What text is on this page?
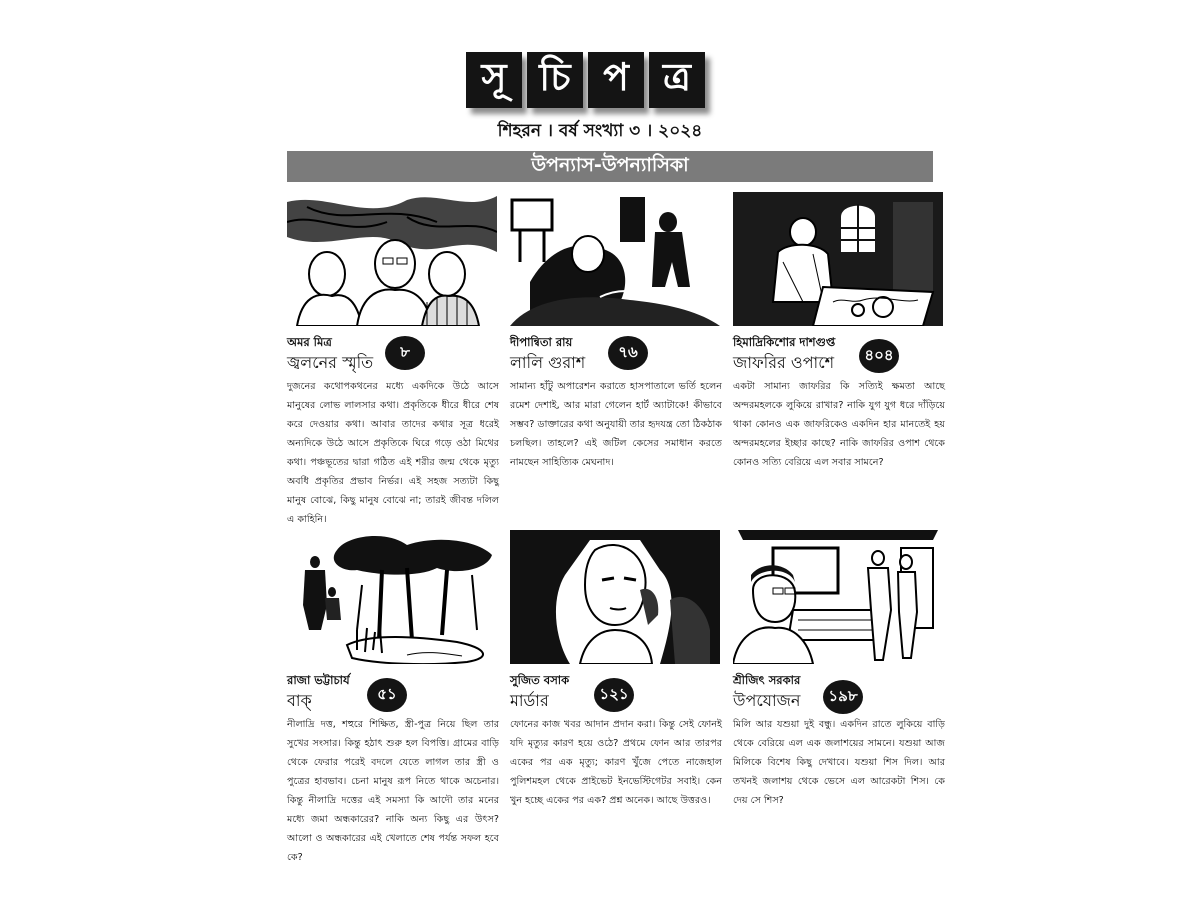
সূ চি প ত্র
শিহরন । বর্ষ সংখ্যা ৩ । ২০২৪
উপন্যাস-উপন্যাসিকা
অমর মিত্র
জ্বলনের স্মৃতি
৮
দুজনের কথোপকথনের মধ্যে একদিকে উঠে আসে মানুষের লোভ লালসার কথা। প্রকৃতিকে ধীরে ধীরে শেষ করে দেওয়ার কথা। আবার তাদের কথার সূত্র ধরেই অন্যদিকে উঠে আসে প্রকৃতিকে ঘিরে গড়ে ওঠা মিথের কথা। পঞ্চভূতের দ্বারা গঠিত এই শরীর জন্ম থেকে মৃত্যু অবধি প্রকৃতির প্রভাব নির্ভর। এই সহজ সত্যটা কিছু মানুষ বোঝে, কিছু মানুষ বোঝে না; তারই জীবন্ত দলিল এ কাহিনি।
দীপান্বিতা রায়
লালি গুরাশ
৭৬
সামান্য হাঁটু অপারেশন করাতে হাসপাতালে ভর্তি হলেন রমেশ দেশাই, আর মারা গেলেন হার্ট অ্যাটাকে! কীভাবে সম্ভব? ডাক্তারের কথা অনুযায়ী তার হৃদযন্ত্র তো ঠিকঠাক চলছিল। তাহলে? এই জটিল কেসের সমাধান করতে নামছেন সাহিত্যিক মেঘনাদ।
হিমাদ্রিকিশোর দাশগুপ্ত
জাফরির ওপাশে	৪০৪
একটা সামান্য জাফরির কি সত্যিই ক্ষমতা আছে অন্দরমহলকে লুকিয়ে রাখার? নাকি যুগ যুগ ধরে দাঁড়িয়ে থাকা কোনও এক জাফরিকেও একদিন হার মানতেই হয় অন্দরমহলের ইচ্ছার কাছে? নাকি জাফরির ওপাশ থেকে কোনও সত্যি বেরিয়ে এল সবার সামনে?
রাজা ভট্টাচার্য
বাক্	৫১
নীলাদ্রি দত্ত, শহুরে শিক্ষিত, স্ত্রী-পুত্র নিয়ে ছিল তার সুখের সংসার। কিন্তু হঠাৎ শুরু হল বিপত্তি। গ্রামের বাড়ি থেকে ফেরার পরেই বদলে যেতে লাগল তার স্ত্রী ও পুত্রের হাবভাব। চেনা মানুষ রূপ নিতে থাকে অচেনার। কিন্তু নীলাদ্রি দত্তের এই সমস্যা কি আদৌ তার মনের মধ্যে জমা অন্ধকারের? নাকি অন্য কিছু এর উৎস? আলো ও অন্ধকারের এই খেলাতে শেষ পর্যন্ত সফল হবে কে?
সুজিত বসাক
মার্ডার	১২১
ফোনের কাজ খবর আদান প্রদান করা। কিন্তু সেই ফোনই যদি মৃত্যুর কারণ হয়ে ওঠে? প্রথমে ফোন আর তারপর একের পর এক মৃত্যু; কারণ খুঁজে পেতে নাজেহাল পুলিশমহল থেকে প্রাইভেট ইনভেস্টিগেটর সবাই। কেন খুন হচ্ছে একের পর এক? প্রশ্ন অনেক। আছে উত্তরও।
শ্রীজিৎ সরকার
উপযোজন	১৯৮
মিলি আর যশুয়া দুই বন্ধু। একদিন রাতে লুকিয়ে বাড়ি থেকে বেরিয়ে এল এক জলাশয়ের সামনে। যশুয়া আজ মিলিকে বিশেষ কিছু দেখাবে। যশুয়া শিস দিল। আর তখনই জলাশয় থেকে ভেসে এল আরেকটা শিস। কে দেয় সে শিস?
